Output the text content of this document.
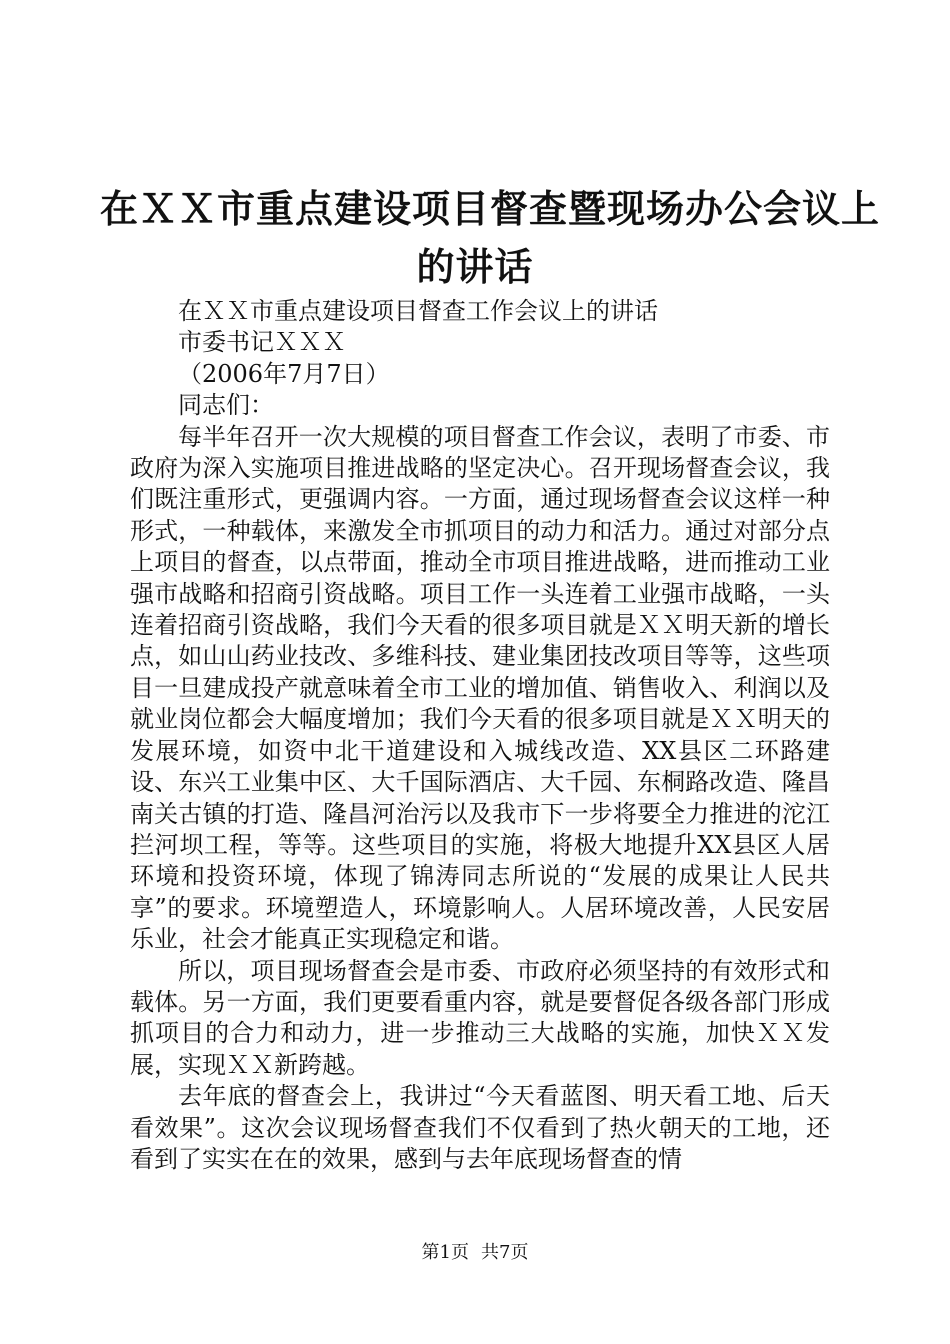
在ＸＸ市重点建设项目督查暨现场办公会议上
的讲话
在ＸＸ市重点建设项目督查工作会议上的讲话
市委书记ＸＸＸ
（2006年7月7日）
同志们：

每半年召开一次大规模的项目督查工作会议，表明了市委、市政府为深入实施项目推进战略的坚定决心。召开现场督查会议，我们既注重形式，更强调内容。一方面，通过现场督查会议这样一种形式，一种载体，来激发全市抓项目的动力和活力。通过对部分点上项目的督查，以点带面，推动全市项目推进战略，进而推动工业强市战略和招商引资战略。项目工作一头连着工业强市战略，一头连着招商引资战略，我们今天看的很多项目就是ＸＸ明天新的增长点，如山山药业技改、多维科技、建业集团技改项目等等，这些项目一旦建成投产就意味着全市工业的增加值、销售收入、利润以及就业岗位都会大幅度增加；我们今天看的很多项目就是ＸＸ明天的发展环境，如资中北干道建设和入城线改造、XX县区二环路建设、东兴工业集中区、大千国际酒店、大千园、东桐路改造、隆昌南关古镇的打造、隆昌河治污以及我市下一步将要全力推进的沱江拦河坝工程，等等。这些项目的实施，将极大地提升XX县区人居环境和投资环境，体现了锦涛同志所说的“发展的成果让人民共享”的要求。环境塑造人，环境影响人。人居环境改善，人民安居乐业，社会才能真正实现稳定和谐。

所以，项目现场督查会是市委、市政府必须坚持的有效形式和载体。另一方面，我们更要看重内容，就是要督促各级各部门形成抓项目的合力和动力，进一步推动三大战略的实施，加快ＸＸ发展，实现ＸＸ新跨越。

去年底的督查会上，我讲过“今天看蓝图、明天看工地、后天看效果”。这次会议现场督查我们不仅看到了热火朝天的工地，还看到了实实在在的效果，感到与去年底现场督查的情

第1页 共7页
